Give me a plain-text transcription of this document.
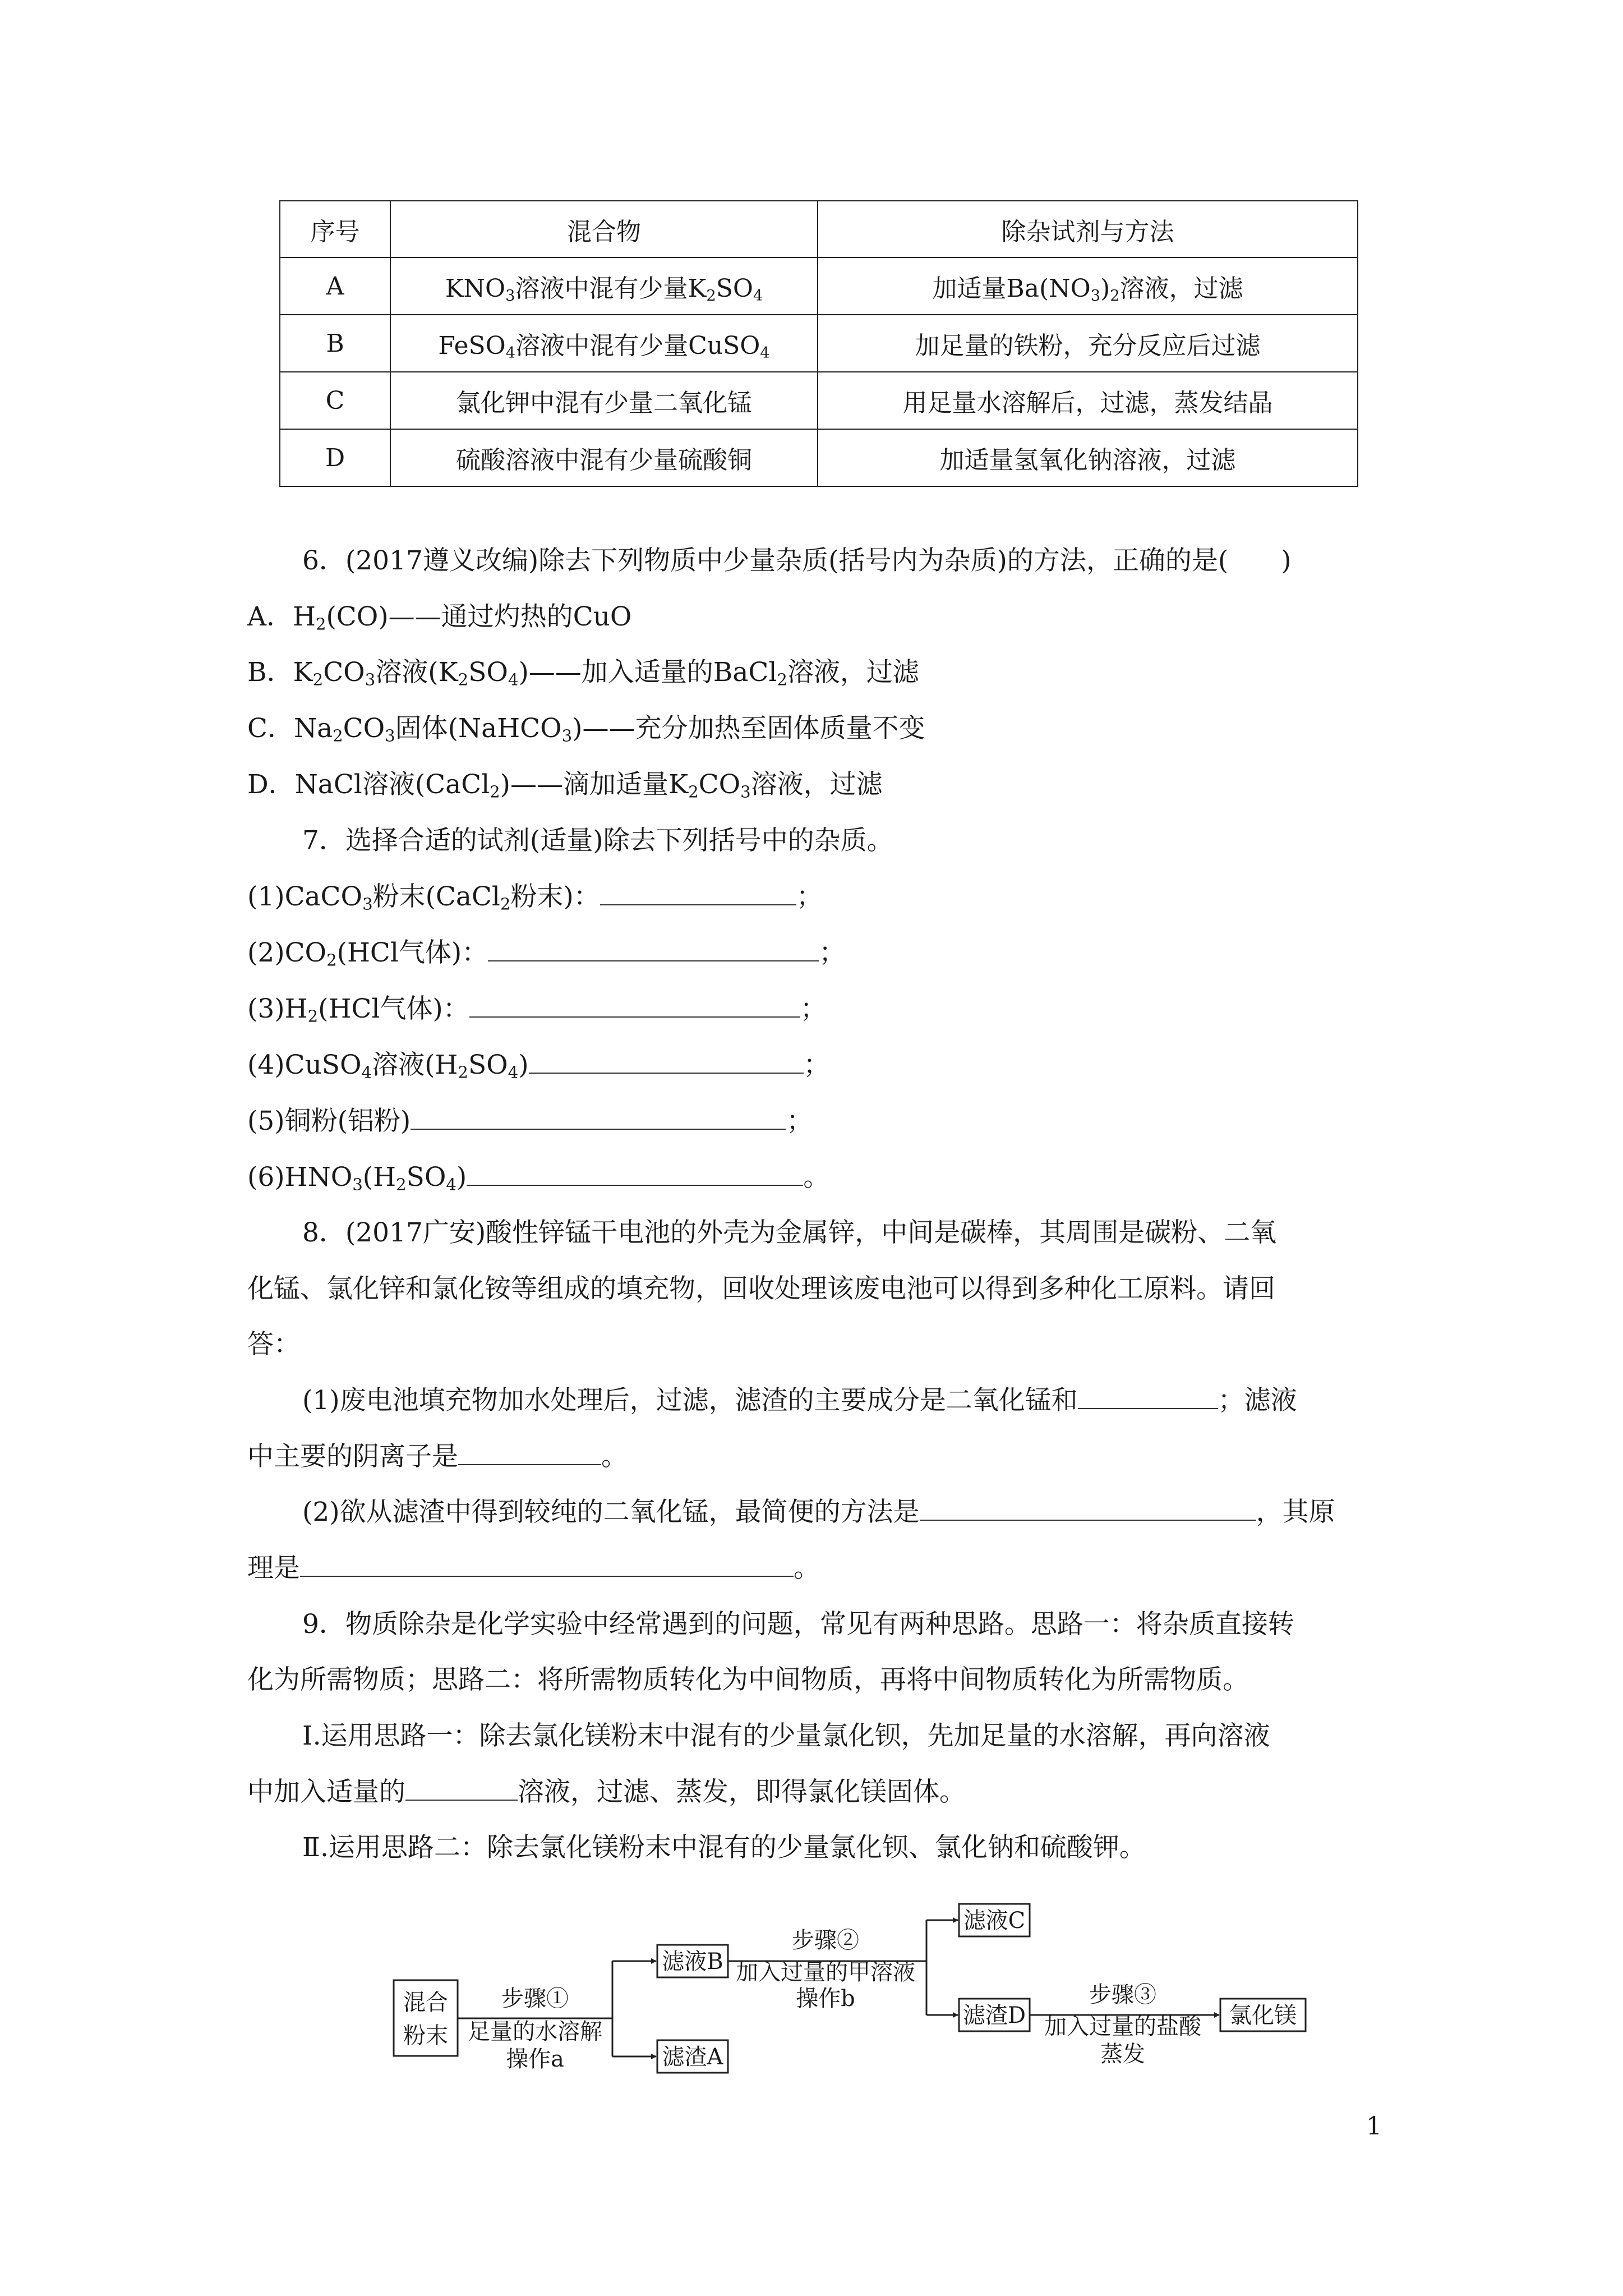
序号	混合物	除杂试剂与方法
A	$KNO_3$溶液中混有少量$K_2SO_4$	加适量$Ba(NO_3)_2$溶液，过滤
B	FeSO$_4$溶液中混有少量CuSO$_4$	加足量的铁粉，充分反应后过滤
C	氯化钾中混有少量二氧化锰	用足量水溶解后，过滤，蒸发结晶
D	硫酸溶液中混有少量硫酸铜	加适量氢氧化钠溶液，过滤
6．(2017遵义改编)除去下列物质中少量杂质(括号内为杂质)的方法，正确的是(　　)
A．$H_2(CO)——$通过灼热的CuO
B．$K_2CO_3$溶液$(K_2SO_4)——$加入适量的BaCl$_2$溶液，过滤
C．$Na_2CO_3$固体(NaHCO$_3$)——充分加热至固体质量不变
D．NaCl溶液(CaCl$_2$)——滴加适量$K_2CO_3$溶液，过滤
7．选择合适的试剂(适量)除去下列括号中的杂质。
(1)CaCO$_3$粉末(CaCl$_2$粉末)：	；
$(2)CO_2(HCl$气体)：	；
$(3)H_2(HCl$气体)：	；
(4)CuSO$_4$溶液$(H_2SO_4)$	；
(5)铜粉(铝粉)	；
$(6)HNO_3(H_2SO_4)$	。
8．(2017广安)酸性锌锰干电池的外壳为金属锌，中间是碳棒，其周围是碳粉、二氧
化锰、氯化锌和氯化铵等组成的填充物，回收处理该废电池可以得到多种化工原料。请回
答：
(1)废电池填充物加水处理后，过滤，滤渣的主要成分是二氧化锰和	；滤液
中主要的阴离子是	。
(2)欲从滤渣中得到较纯的二氧化锰，最简便的方法是	，其原
理是	。
9．物质除杂是化学实验中经常遇到的问题，常见有两种思路。思路一：将杂质直接转
化为所需物质；思路二：将所需物质转化为中间物质，再将中间物质转化为所需物质。
Ⅰ.运用思路一：除去氯化镁粉末中混有的少量氯化钡，先加足量的水溶解，再向溶液
中加入适量的	溶液，过滤、蒸发，即得氯化镁固体。
Ⅱ.运用思路二：除去氯化镁粉末中混有的少量氯化钡、氯化钠和硫酸钾。
混合
粉末
步骤①
足量的水溶解
操作a
滤液B
滤渣A
步骤②
加入过量的甲溶液
操作b
滤液C
滤渣D
步骤③
加入过量的盐酸
蒸发
氯化镁
1
